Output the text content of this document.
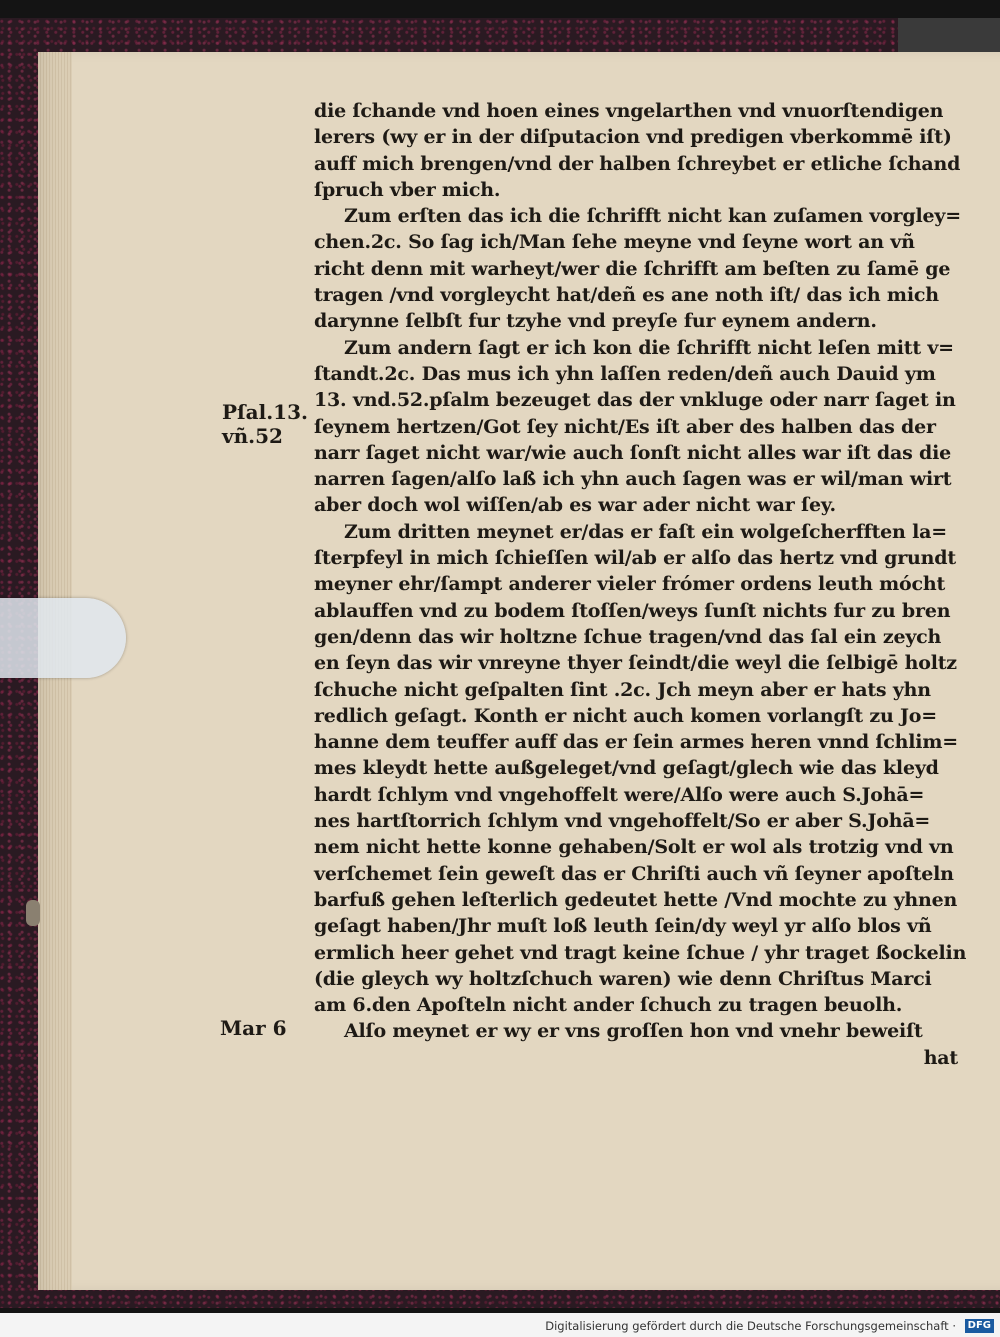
die ſchande vnd hoen eines vngelarthen vnd vnuorſtendigen
lerers (wy er in der diſputacion vnd predigen vberkommē iſt)
auff mich brengen/vnd der halben ſchreybet er etliche ſchand
ſpruch vber mich.
Zum erſten das ich die ſchrifft nicht kan zuſamen vorgley=
chen.2c. So ſag ich/Man ſehe meyne vnd ſeyne wort an vñ
richt denn mit warheyt/wer die ſchrifft am beſten zu ſamē ge
tragen /vnd vorgleycht hat/deñ es ane noth iſt/ das ich mich
darynne ſelbſt fur tzyhe vnd preyſe fur eynem andern.
Zum andern ſagt er ich kon die ſchrifft nicht leſen mitt v=
ſtandt.2c. Das mus ich yhn laſſen reden/deñ auch Dauid ym
13. vnd.52.pſalm bezeuget das der vnkluge oder narr ſaget in
ſeynem hertzen/Got ſey nicht/Es iſt aber des halben das der
narr ſaget nicht war/wie auch ſonſt nicht alles war iſt das die
narren ſagen/alſo laß ich yhn auch ſagen was er wil/man wirt
aber doch wol wiſſen/ab es war ader nicht war ſey.
Zum dritten meynet er/das er faſt ein wolgeſcherfften la=
ſterpfeyl in mich ſchieſſen wil/ab er alſo das hertz vnd grundt
meyner ehr/ſampt anderer vieler frómer ordens leuth mócht
ablauffen vnd zu bodem ſtoſſen/weys ſunſt nichts fur zu bren
gen/denn das wir holtzne ſchue tragen/vnd das ſal ein zeych
en ſeyn das wir vnreyne thyer ſeindt/die weyl die ſelbigē holtz
ſchuche nicht geſpalten ſint .2c. Jch meyn aber er hats yhn
redlich geſagt. Konth er nicht auch komen vorlangſt zu Jo=
hanne dem teuffer auff das er ſein armes heren vnnd ſchlim=
mes kleydt hette außgeleget/vnd geſagt/glech wie das kleyd
hardt ſchlym vnd vngehoffelt were/Alſo were auch S.Johā=
nes hartſtorrich ſchlym vnd vngehoffelt/So er aber S.Johā=
nem nicht hette konne gehaben/Solt er wol als trotzig vnd vn
verſchemet ſein geweſt das er Chriſti auch vñ ſeyner apoſteln
barfuß gehen leſterlich gedeutet hette /Vnd mochte zu yhnen
geſagt haben/Jhr muſt loß leuth ſein/dy weyl yr alſo blos vñ
ermlich heer gehet vnd tragt keine ſchue / yhr traget ßockelin
(die gleych wy holtzſchuch waren) wie denn Chriſtus Marci
am 6.den Apoſteln nicht ander ſchuch zu tragen beuolh.
Alſo meynet er wy er vns groſſen hon vnd vnehr beweiſt
hat
Pſal.13.
vñ.52
Mar 6
Digitalisierung gefördert durch die Deutsche Forschungsgemeinschaft ·	DFG
